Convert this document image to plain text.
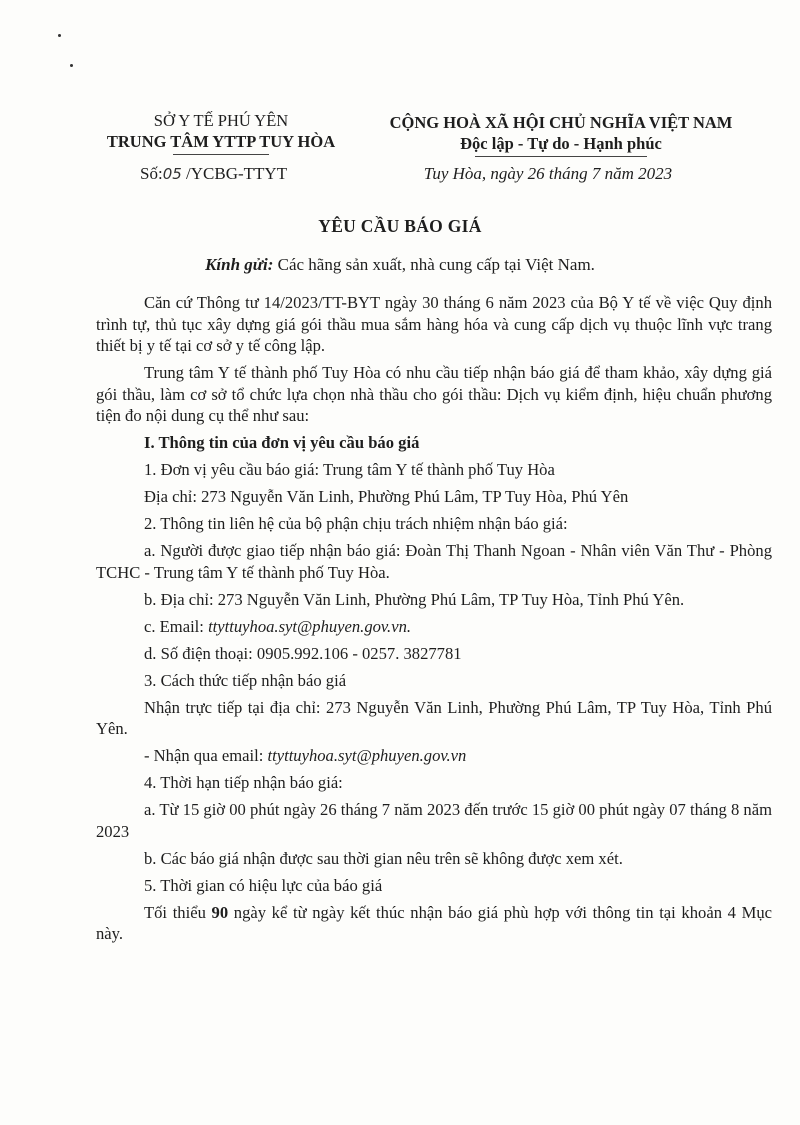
SỞ Y TẾ PHÚ YÊN
TRUNG TÂM YTTP TUY HÒA
Số:05 /YCBG-TTYT
CỘNG HOÀ XÃ HỘI CHỦ NGHĨA VIỆT NAM
Độc lập - Tự do - Hạnh phúc
Tuy Hòa, ngày 26 tháng 7 năm 2023
YÊU CẦU BÁO GIÁ
Kính gửi: Các hãng sản xuất, nhà cung cấp tại Việt Nam.

Căn cứ Thông tư 14/2023/TT-BYT ngày 30 tháng 6 năm 2023 của Bộ Y tế về việc Quy định trình tự, thủ tục xây dựng giá gói thầu mua sắm hàng hóa và cung cấp dịch vụ thuộc lĩnh vực trang thiết bị y tế tại cơ sở y tế công lập.

Trung tâm Y tế thành phố Tuy Hòa có nhu cầu tiếp nhận báo giá để tham khảo, xây dựng giá gói thầu, làm cơ sở tổ chức lựa chọn nhà thầu cho gói thầu: Dịch vụ kiểm định, hiệu chuẩn phương tiện đo nội dung cụ thể như sau:

I. Thông tin của đơn vị yêu cầu báo giá

1. Đơn vị yêu cầu báo giá: Trung tâm Y tế thành phố Tuy Hòa

Địa chỉ: 273 Nguyễn Văn Linh, Phường Phú Lâm, TP Tuy Hòa, Phú Yên

2. Thông tin liên hệ của bộ phận chịu trách nhiệm nhận báo giá:

a. Người được giao tiếp nhận báo giá: Đoàn Thị Thanh Ngoan - Nhân viên Văn Thư - Phòng TCHC - Trung tâm Y tế thành phố Tuy Hòa.

b. Địa chỉ: 273 Nguyễn Văn Linh, Phường Phú Lâm, TP Tuy Hòa, Tỉnh Phú Yên.

c. Email: ttyttuyhoa.syt@phuyen.gov.vn.

d. Số điện thoại: 0905.992.106 - 0257. 3827781

3. Cách thức tiếp nhận báo giá

Nhận trực tiếp tại địa chỉ: 273 Nguyễn Văn Linh, Phường Phú Lâm, TP Tuy Hòa, Tỉnh Phú Yên.

- Nhận qua email: ttyttuyhoa.syt@phuyen.gov.vn

4. Thời hạn tiếp nhận báo giá:

a. Từ 15 giờ 00 phút ngày 26 tháng 7 năm 2023 đến trước 15 giờ 00 phút ngày 07 tháng 8 năm 2023

b. Các báo giá nhận được sau thời gian nêu trên sẽ không được xem xét.

5. Thời gian có hiệu lực của báo giá

Tối thiểu 90 ngày kể từ ngày kết thúc nhận báo giá phù hợp với thông tin tại khoản 4 Mục này.
